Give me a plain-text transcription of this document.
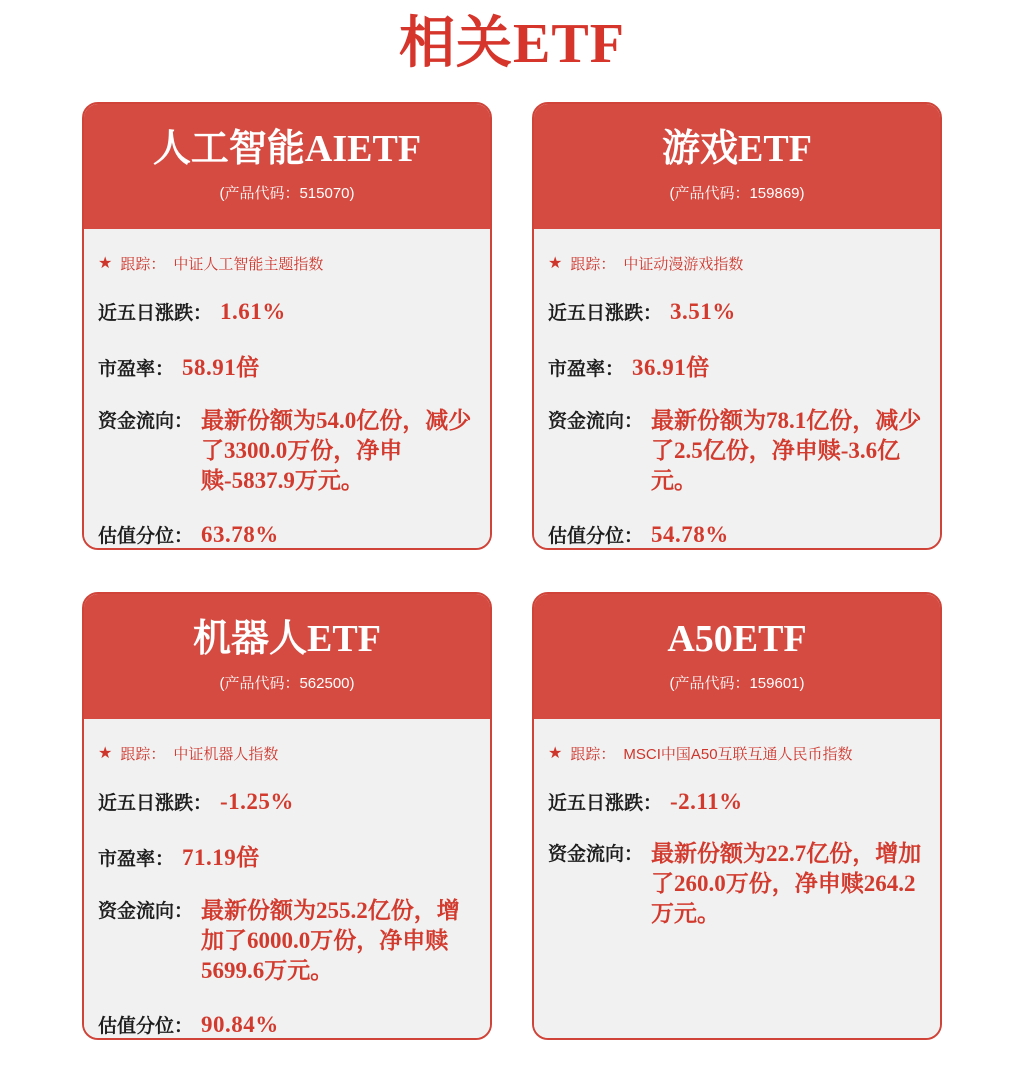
相关ETF
人工智能AIETF
(产品代码：515070)
★ 跟踪： 中证人工智能主题指数
近五日涨跌： 1.61%
市盈率： 58.91倍
资金流向： 最新份额为54.0亿份，减少了3300.0万份，净申赎-5837.9万元。
估值分位： 63.78%
游戏ETF
(产品代码：159869)
★ 跟踪： 中证动漫游戏指数
近五日涨跌： 3.51%
市盈率： 36.91倍
资金流向： 最新份额为78.1亿份，减少了2.5亿份，净申赎-3.6亿元。
估值分位： 54.78%
机器人ETF
(产品代码：562500)
★ 跟踪： 中证机器人指数
近五日涨跌： -1.25%
市盈率： 71.19倍
资金流向： 最新份额为255.2亿份，增加了6000.0万份，净申赎5699.6万元。
估值分位： 90.84%
A50ETF
(产品代码：159601)
★ 跟踪： MSCI中国A50互联互通人民币指数
近五日涨跌： -2.11%
资金流向： 最新份额为22.7亿份，增加了260.0万份，净申赎264.2万元。
